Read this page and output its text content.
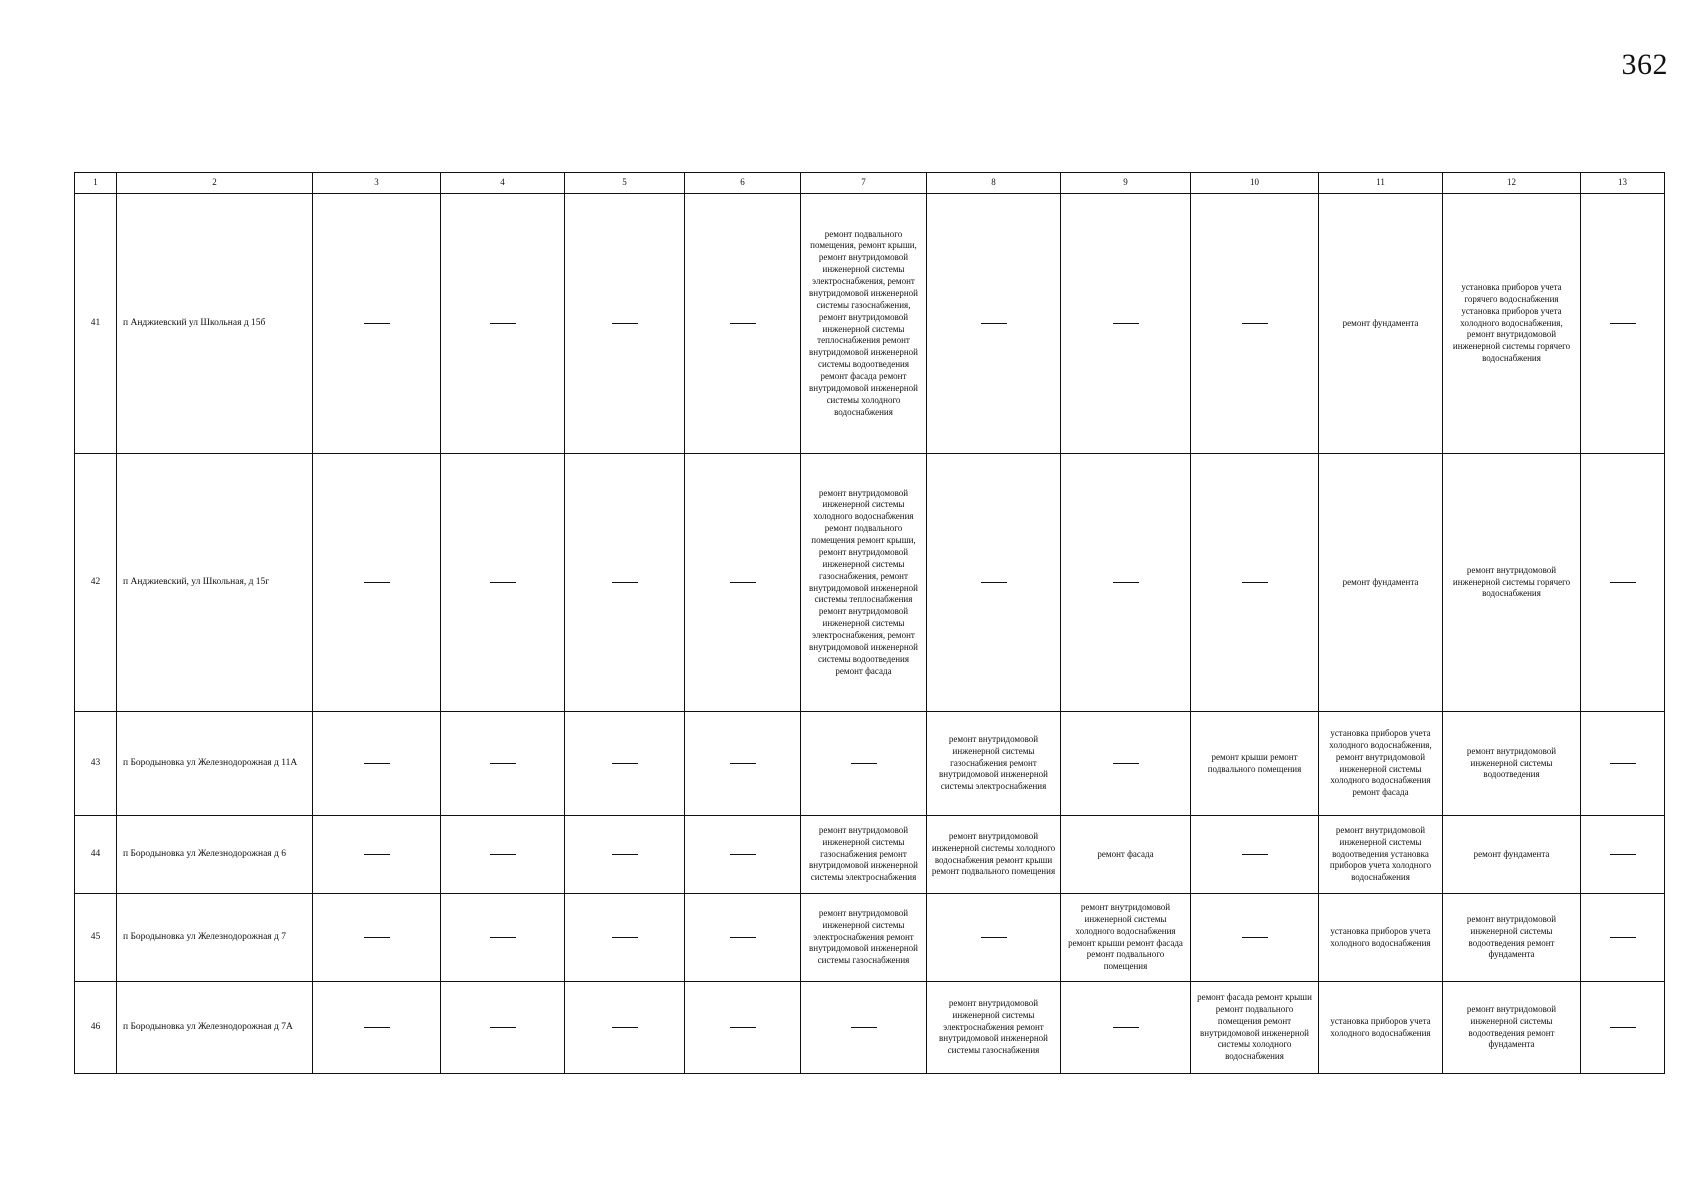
362
1	2	3	4	5	6	7	8	9	10	11	12	13
41	п Анджиевский ул Школьная д 15б					ремонт подвального помещения, ремонт крыши, ремонт внутридомовой инженерной системы электроснабжения, ремонт внутридомовой инженерной системы газоснабжения, ремонт внутридомовой инженерной системы теплоснабжения ремонт внутридомовой инженерной системы водоотведения ремонт фасада ремонт внутридомовой инженерной системы холодного водоснабжения				ремонт фундамента	установка приборов учета горячего водоснабжения установка приборов учета холодного водоснабжения, ремонт внутридомовой инженерной системы горячего водоснабжения	
42	п Анджиевский, ул Школьная, д 15г					ремонт внутридомовой инженерной системы холодного водоснабжения ремонт подвального помещения ремонт крыши, ремонт внутридомовой инженерной системы газоснабжения, ремонт внутридомовой инженерной системы теплоснабжения ремонт внутридомовой инженерной системы электроснабжения, ремонт внутридомовой инженерной системы водоотведения ремонт фасада				ремонт фундамента	ремонт внутридомовой инженерной системы горячего водоснабжения	
43	п Бородыновка ул Железнодорожная д 11А						ремонт внутридомовой инженерной системы газоснабжения ремонт внутридомовой инженерной системы электроснабжения		ремонт крыши ремонт подвального помещения	установка приборов учета холодного водоснабжения, ремонт внутридомовой инженерной системы холодного водоснабжения ремонт фасада	ремонт внутридомовой инженерной системы водоотведения	
44	п Бородыновка ул Железнодорожная д 6					ремонт внутридомовой инженерной системы газоснабжения ремонт внутридомовой инженерной системы электроснабжения	ремонт внутридомовой инженерной системы холодного водоснабжения ремонт крыши ремонт подвального помещения	ремонт фасада		ремонт внутридомовой инженерной системы водоотведения установка приборов учета холодного водоснабжения	ремонт фундамента	
45	п Бородыновка ул Железнодорожная д 7					ремонт внутридомовой инженерной системы электроснабжения ремонт внутридомовой инженерной системы газоснабжения		ремонт внутридомовой инженерной системы холодного водоснабжения ремонт крыши ремонт фасада ремонт подвального помещения		установка приборов учета холодного водоснабжения	ремонт внутридомовой инженерной системы водоотведения ремонт фундамента	
46	п Бородыновка ул Железнодорожная д 7А						ремонт внутридомовой инженерной системы электроснабжения ремонт внутридомовой инженерной системы газоснабжения		ремонт фасада ремонт крыши ремонт подвального помещения ремонт внутридомовой инженерной системы холодного водоснабжения	установка приборов учета холодного водоснабжения	ремонт внутридомовой инженерной системы водоотведения ремонт фундамента	
